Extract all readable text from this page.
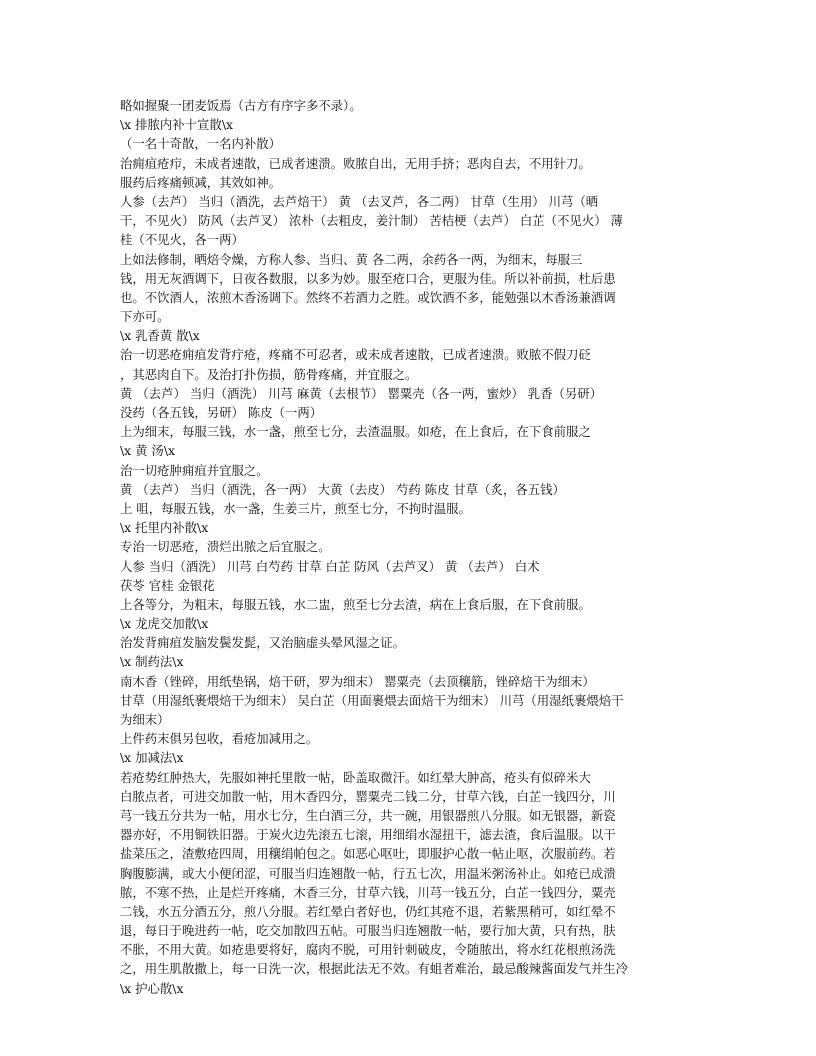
略如握聚一团麦饭焉（古方有序字多不录）。
\x 排脓内补十宣散\x
（一名十奇散，一名内补散）
治痈疽疮疖，未成者速散，已成者速溃。败脓自出，无用手挤；恶肉自去，不用针刀。
服药后疼痛顿减，其效如神。
人参（去芦） 当归（酒洗，去芦焙干） 黄 （去叉芦，各二两） 甘草（生用） 川芎（晒
干，不见火） 防风（去芦叉） 浓朴（去粗皮，姜汁制） 苦桔梗（去芦） 白芷（不见火） 薄
桂（不见火，各一两）
上如法修制，晒焙令燥，方称人参、当归、黄 各二两，余药各一两，为细末，每服三
钱，用无灰酒调下，日夜各数服，以多为妙。服至疮口合，更服为佳。所以补前损，杜后患
也。不饮酒人，浓煎木香汤调下。然终不若酒力之胜。或饮酒不多，能勉强以木香汤兼酒调
下亦可。
\x 乳香黄 散\x
治一切恶疮痈疽发背疔疮，疼痛不可忍者，或未成者速散，已成者速溃。败脓不假刀砭
，其恶肉自下。及治打扑伤损，筋骨疼痛，并宜服之。
黄 （去芦） 当归（酒洗） 川芎 麻黄（去根节） 罂粟壳（各一两，蜜炒） 乳香（另研）
没药（各五钱，另研） 陈皮（一两）
上为细末，每服三钱，水一盏，煎至七分，去渣温服。如疮，在上食后，在下食前服之
\x 黄 汤\x
治一切疮肿痈疽并宜服之。
黄 （去芦） 当归（酒洗，各一两） 大黄（去皮） 芍药 陈皮 甘草（炙，各五钱）
上 咀，每服五钱，水一盏，生姜三片，煎至七分，不拘时温服。
\x 托里内补散\x
专治一切恶疮，溃烂出脓之后宜服之。
人参 当归（酒洗） 川芎 白芍药 甘草 白芷 防风（去芦叉） 黄 （去芦） 白术
茯苓 官桂 金银花
上各等分，为粗末，每服五钱，水二盅，煎至七分去渣，病在上食后服，在下食前服。
\x 龙虎交加散\x
治发背痈疽发脑发鬓发髭，又治脑虚头晕风湿之证。
\x 制药法\x
南木香（锉碎，用纸垫锅，焙干研，罗为细末） 罂粟壳（去顶穰筋，锉碎焙干为细末）
甘草（用湿纸裹煨焙干为细末） 吴白芷（用面裹煨去面焙干为细末） 川芎（用湿纸裹煨焙干
为细末）
上件药末俱另包收，看疮加减用之。
\x 加减法\x
若疮势红肿热大，先服如神托里散一帖，卧盖取微汗。如红晕大肿高，疮头有似碎米大
白脓点者，可进交加散一帖，用木香四分，罂粟壳二钱二分，甘草六钱，白芷一钱四分，川
芎一钱五分共为一帖，用水七分，生白酒三分，共一碗，用银器煎八分服。如无银器，新瓷
器亦好，不用铜铁旧器。于炭火边先滚五七滚，用细绢水湿扭干，滤去渣，食后温服。以干
盐菜压之，渣敷疮四周，用穰绢帕包之。如恶心呕吐，即服护心散一帖止呕，次服前药。若
胸腹膨满，或大小便闭涩，可服当归连翘散一帖，行五七次，用温米粥汤补止。如疮已成溃
脓，不寒不热，止是烂开疼痛，木香三分，甘草六钱，川芎一钱五分，白芷一钱四分，粟壳
二钱，水五分酒五分，煎八分服。若红晕白者好也，仍红其疮不退，若紫黑稍可，如红晕不
退，每日于晚进药一帖，吃交加散四五帖。可服当归连翘散一帖，要行加大黄，只有热，肤
不胀，不用大黄。如疮患要将好，腐肉不脱，可用针刺破皮，令随脓出，将水红花根煎汤洗
之，用生肌散撒上，每一日洗一次，根据此法无不效。有蛆者难治，最忌酸辣酱面发气并生冷
\x 护心散\x
